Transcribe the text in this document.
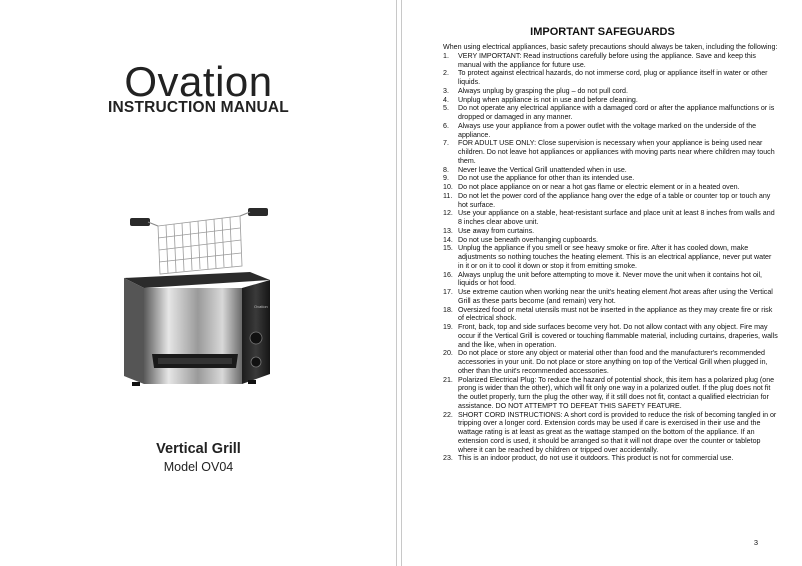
Ovation
INSTRUCTION MANUAL
Ovation
Vertical Grill
Model OV04
IMPORTANT SAFEGUARDS

When using electrical appliances, basic safety precautions should always be taken, including the following:

1.	VERY IMPORTANT: Read instructions carefully before using the appliance. Save and keep this manual with the appliance for future use.
2.	To protect against electrical hazards, do not immerse cord, plug or appliance itself in water or other liquids.
3.	Always unplug by grasping the plug – do not pull cord.
4.	Unplug when appliance is not in use and before cleaning.
5.	Do not operate any electrical appliance with a damaged cord or after the appliance malfunctions or is dropped or damaged in any manner.
6.	Always use your appliance from a power outlet with the voltage marked on the underside of the appliance.
7.	FOR ADULT USE ONLY: Close supervision is necessary when your appliance is being used near children. Do not leave hot appliances or appliances with moving parts near where children may touch them.
8.	Never leave the Vertical Grill unattended when in use.
9.	Do not use the appliance for other than its intended use.
10. Do not place appliance on or near a hot gas flame or electric element or in a heated oven.
11. Do not let the power cord of the appliance hang over the edge of a table or counter top or touch any hot surface.
12. Use your appliance on a stable, heat-resistant surface and place unit at least 8 inches from walls and 8 inches clear above unit.
13. Use away from curtains.
14. Do not use beneath overhanging cupboards.
15. Unplug the appliance if you smell or see heavy smoke or fire. After it has cooled down, make adjustments so nothing touches the heating element. This is an electrical appliance, never put water in it or on it to cool it down or stop it from emitting smoke.
16. Always unplug the unit before attempting to move it. Never move the unit when it contains hot oil, liquids or hot food.
17. Use extreme caution when working near the unit's heating element /hot areas after using the Vertical Grill as these parts become (and remain) very hot.
18. Oversized food or metal utensils must not be inserted in the appliance as they may create fire or risk of electrical shock.
19. Front, back, top and side surfaces become very hot. Do not allow contact with any object. Fire may occur if the Vertical Grill is covered or touching flammable material, including curtains, draperies, walls and the like, when in operation.
20. Do not place or store any object or material other than food and the manufacturer's recommended accessories in your unit. Do not place or store anything on top of the Vertical Grill when plugged in, other than the unit's recommended accessories.
21. Polarized Electrical Plug: To reduce the hazard of potential shock, this item has a polarized plug (one prong is wider than the other), which will fit only one way in a polarized outlet. If the plug does not fit the outlet properly, turn the plug the other way, if it still does not fit, contact a qualified electrician for assistance. DO NOT ATTEMPT TO DEFEAT THIS SAFETY FEATURE.
22. SHORT CORD INSTRUCTIONS: A short cord is provided to reduce the risk of becoming tangled in or tripping over a longer cord. Extension cords may be used if care is exercised in their use and the wattage rating is at least as great as the wattage stamped on the bottom of the appliance. If an extension cord is used, it should be arranged so that it will not drape over the counter or tabletop where it can be reached by children or tripped over accidentally.
23. This is an indoor product, do not use it outdoors. This product is not for commercial use.
3
